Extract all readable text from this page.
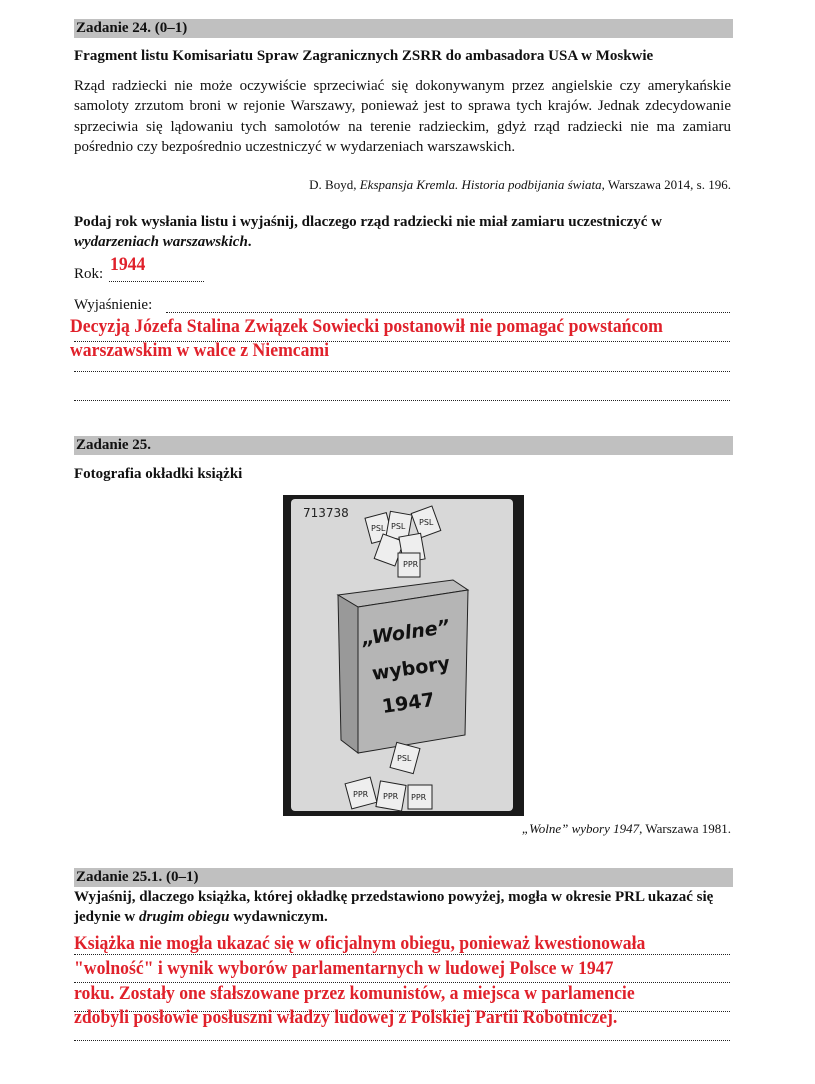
Zadanie 24. (0–1)
Fragment listu Komisariatu Spraw Zagranicznych ZSRR do ambasadora USA w Moskwie
Rząd radziecki nie może oczywiście sprzeciwiać się dokonywanym przez angielskie czy amerykańskie samoloty zrzutom broni w rejonie Warszawy, ponieważ jest to sprawa tych krajów. Jednak zdecydowanie sprzeciwia się lądowaniu tych samolotów na terenie radzieckim, gdyż rząd radziecki nie ma zamiaru pośrednio czy bezpośrednio uczestniczyć w wydarzeniach warszawskich.
D. Boyd, Ekspansja Kremla. Historia podbijania świata, Warszawa 2014, s. 196.
Podaj rok wysłania listu i wyjaśnij, dlaczego rząd radziecki nie miał zamiaru uczestniczyć w wydarzeniach warszawskich.
Rok: 1944
Wyjaśnienie:
Decyzją Józefa Stalina Związek Sowiecki postanowił nie pomagać powstańcom
warszawskim w walce z Niemcami
Zadanie 25.
Fotografia okładki książki
713738
PSL PSL PSL
PPR
„Wolne”
wybory
1947
PSL
PPR PPR PPR
„Wolne” wybory 1947, Warszawa 1981.
Zadanie 25.1. (0–1)
Wyjaśnij, dlaczego książka, której okładkę przedstawiono powyżej, mogła w okresie PRL ukazać się jedynie w drugim obiegu wydawniczym.
Książka nie mogła ukazać się w oficjalnym obiegu, ponieważ kwestionowała
"wolność" i wynik wyborów parlamentarnych w ludowej Polsce w 1947
roku. Zostały one sfałszowane przez komunistów, a miejsca w parlamencie
zdobyli posłowie posłuszni władzy ludowej z Polskiej Partii Robotniczej.
